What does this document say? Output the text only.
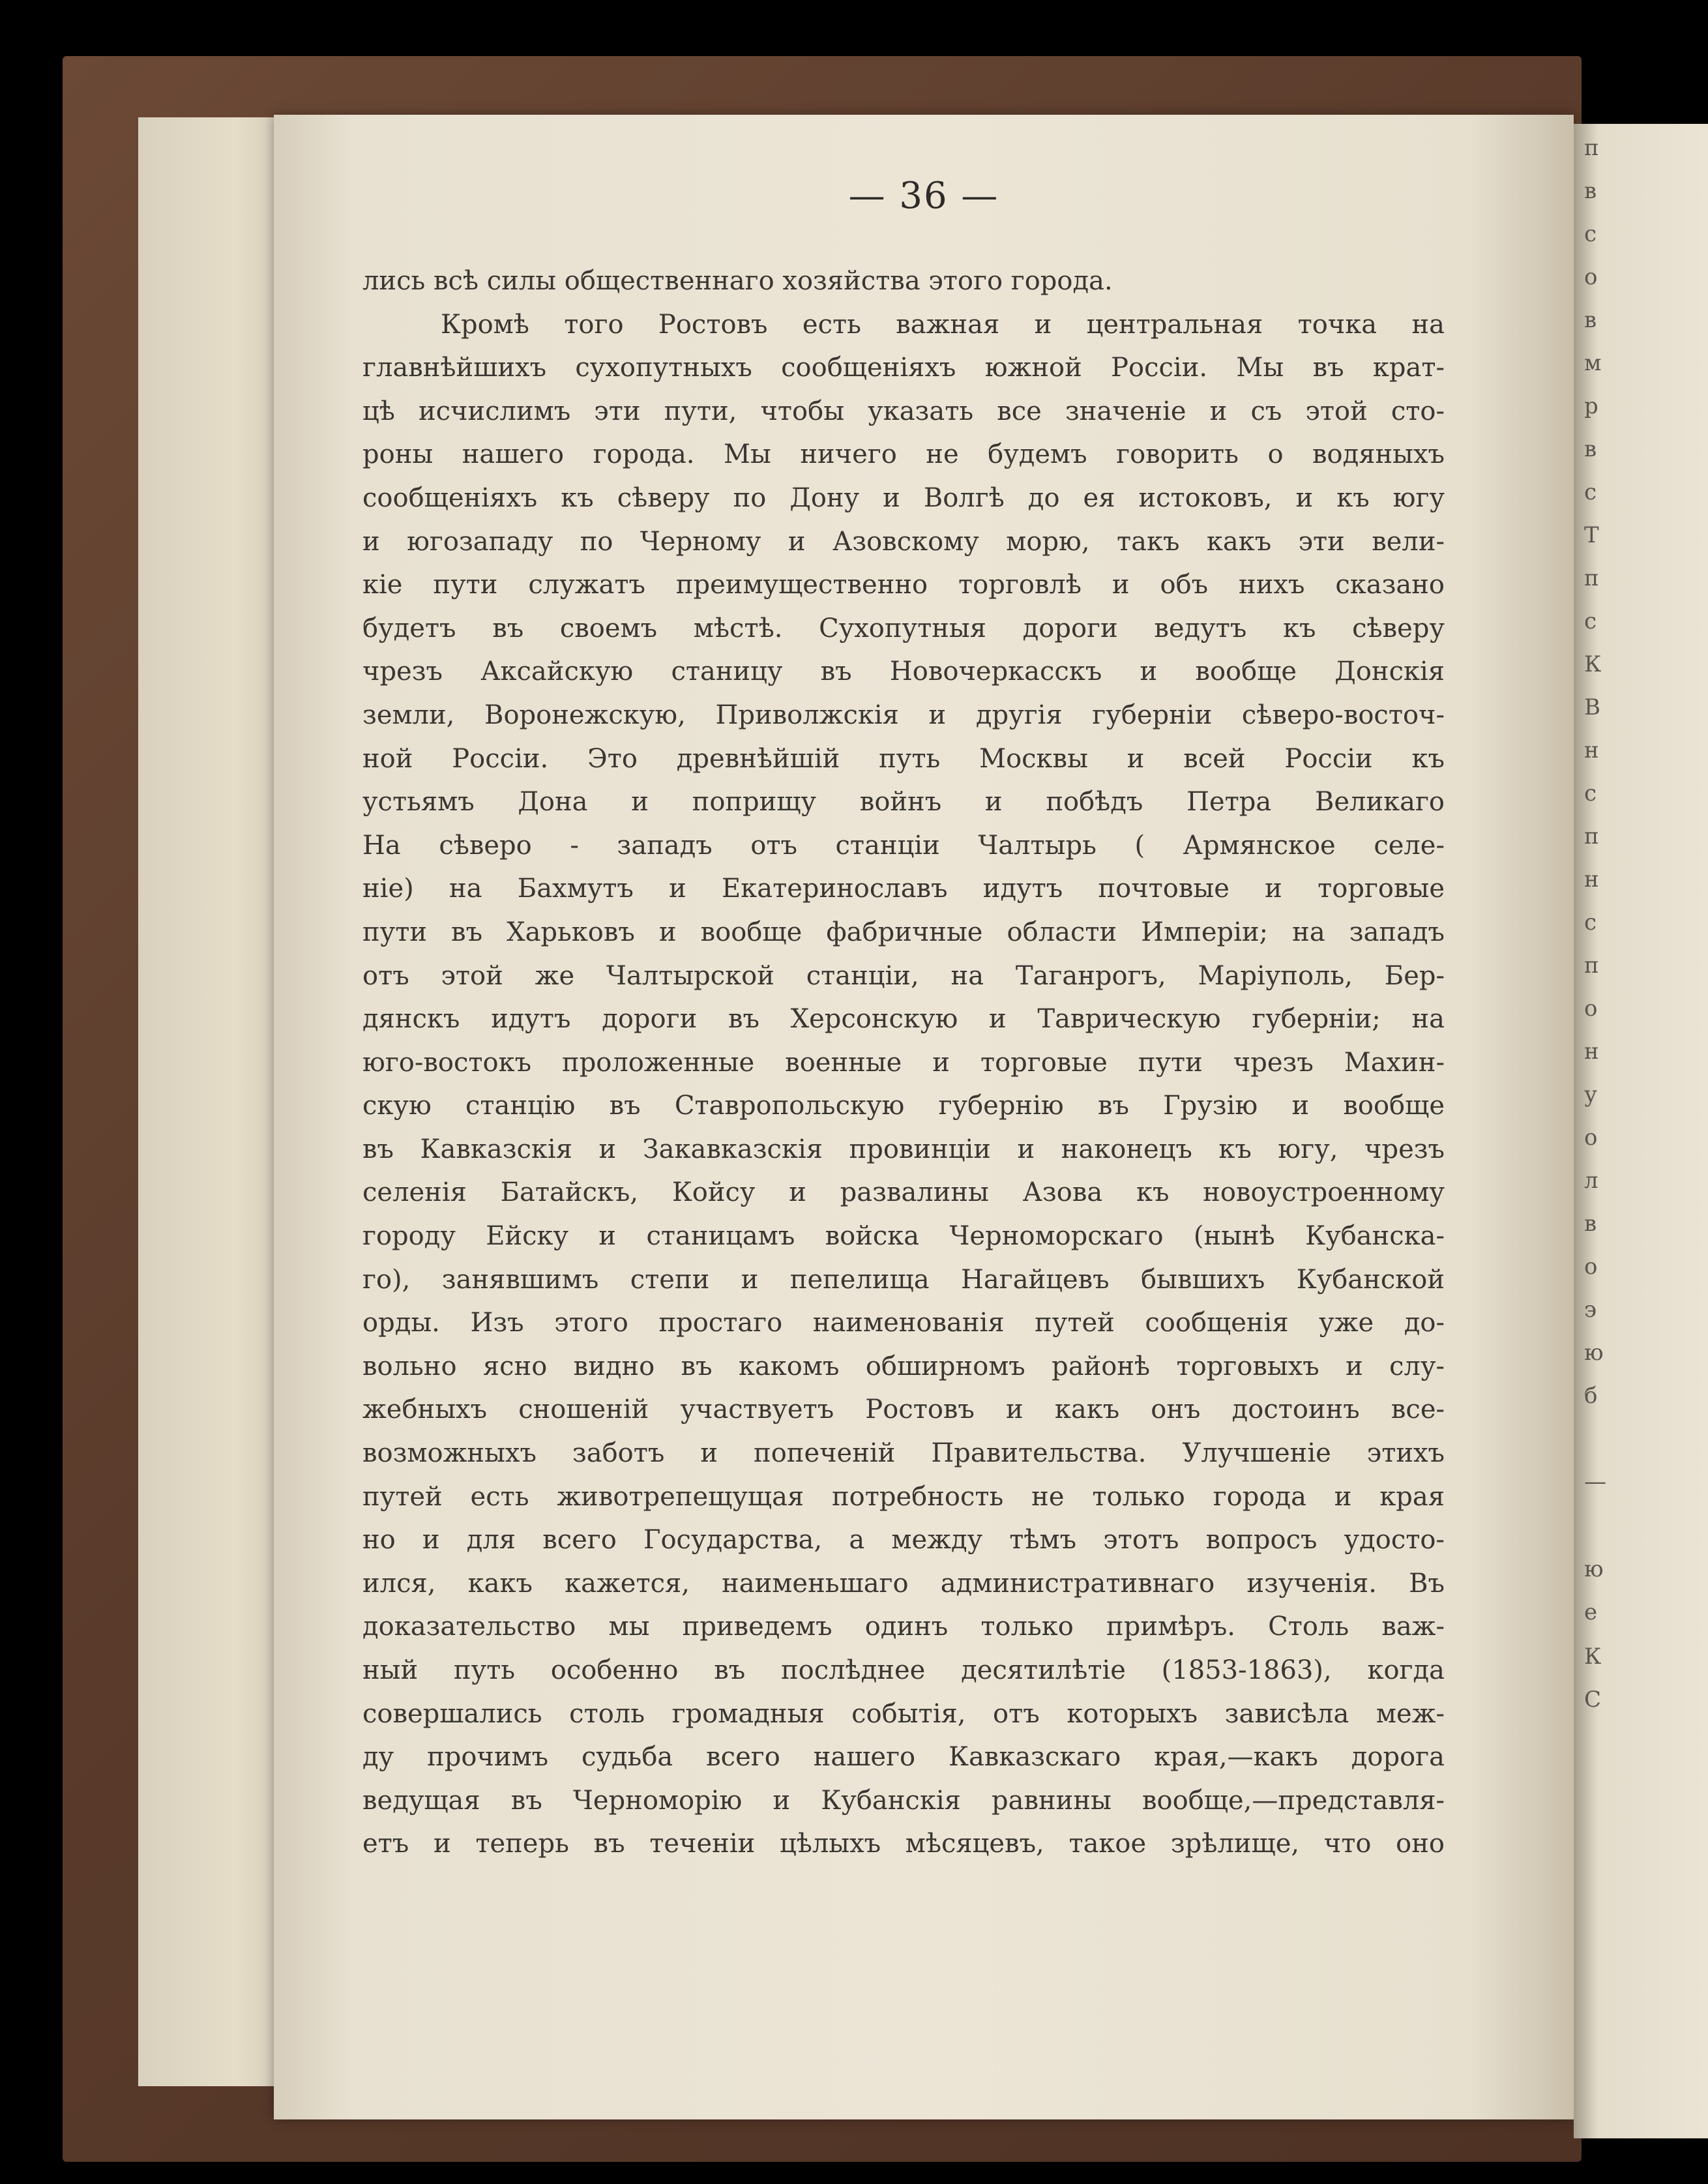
— 36 —
лись всѣ силы общественнаго хозяйства этого города.
Кромѣ того Ростовъ есть важная и центральная точка на
главнѣйшихъ сухопутныхъ сообщеніяхъ южной Россіи. Мы въ крат-
цѣ исчислимъ эти пути, чтобы указать все значеніе и съ этой сто-
роны нашего города. Мы ничего не будемъ говорить о водяныхъ
сообщеніяхъ къ сѣверу по Дону и Волгѣ до ея истоковъ, и къ югу
и югозападу по Черному и Азовскому морю, такъ какъ эти вели-
кіе пути служатъ преимущественно торговлѣ и объ нихъ сказано
будетъ въ своемъ мѣстѣ. Сухопутныя дороги ведутъ къ сѣверу
чрезъ Аксайскую станицу въ Новочеркасскъ и вообще Донскія
земли, Воронежскую, Приволжскія и другія губерніи сѣверо-восточ-
ной Россіи. Это древнѣйшій путь Москвы и всей Россіи къ
устьямъ Дона и поприщу войнъ и побѣдъ Петра Великаго
На сѣверо - западъ отъ станціи Чалтырь ( Армянское селе-
ніе) на Бахмутъ и Екатеринославъ идутъ почтовые и торговые
пути въ Харьковъ и вообще фабричные области Имперіи; на западъ
отъ этой же Чалтырской станціи, на Таганрогъ, Маріуполь, Бер-
дянскъ идутъ дороги въ Херсонскую и Таврическую губерніи; на
юго-востокъ проложенные военные и торговые пути чрезъ Махин-
скую станцію въ Ставропольскую губернію въ Грузію и вообще
въ Кавказскія и Закавказскія провинціи и наконецъ къ югу, чрезъ
селенія Батайскъ, Койсу и развалины Азова къ новоустроенному
городу Ейску и станицамъ войска Черноморскаго (нынѣ Кубанска-
го), занявшимъ степи и пепелища Нагайцевъ бывшихъ Кубанской
орды. Изъ этого простаго наименованія путей сообщенія уже до-
вольно ясно видно въ какомъ обширномъ районѣ торговыхъ и слу-
жебныхъ сношеній участвуетъ Ростовъ и какъ онъ достоинъ все-
возможныхъ заботъ и попеченій Правительства. Улучшеніе этихъ
путей есть животрепещущая потребность не только города и края
но и для всего Государства, а между тѣмъ этотъ вопросъ удосто-
ился, какъ кажется, наименьшаго административнаго изученія. Въ
доказательство мы приведемъ одинъ только примѣръ. Столь важ-
ный путь особенно въ послѣднее десятилѣтіе (1853-1863), когда
совершались столь громадныя событія, отъ которыхъ зависѣла меж-
ду прочимъ судьба всего нашего Кавказскаго края,—какъ дорога
ведущая въ Черноморію и Кубанскія равнины вообще,—представля-
етъ и теперь въ теченіи цѣлыхъ мѣсяцевъ, такое зрѣлище, что оно
п
в
с
о
в
м
р
в
с
Т
п
с
К
В
н
с
п
н
с
п
о
н
у
о
л
в
о
э
ю
б
—
ю
е
К
С
